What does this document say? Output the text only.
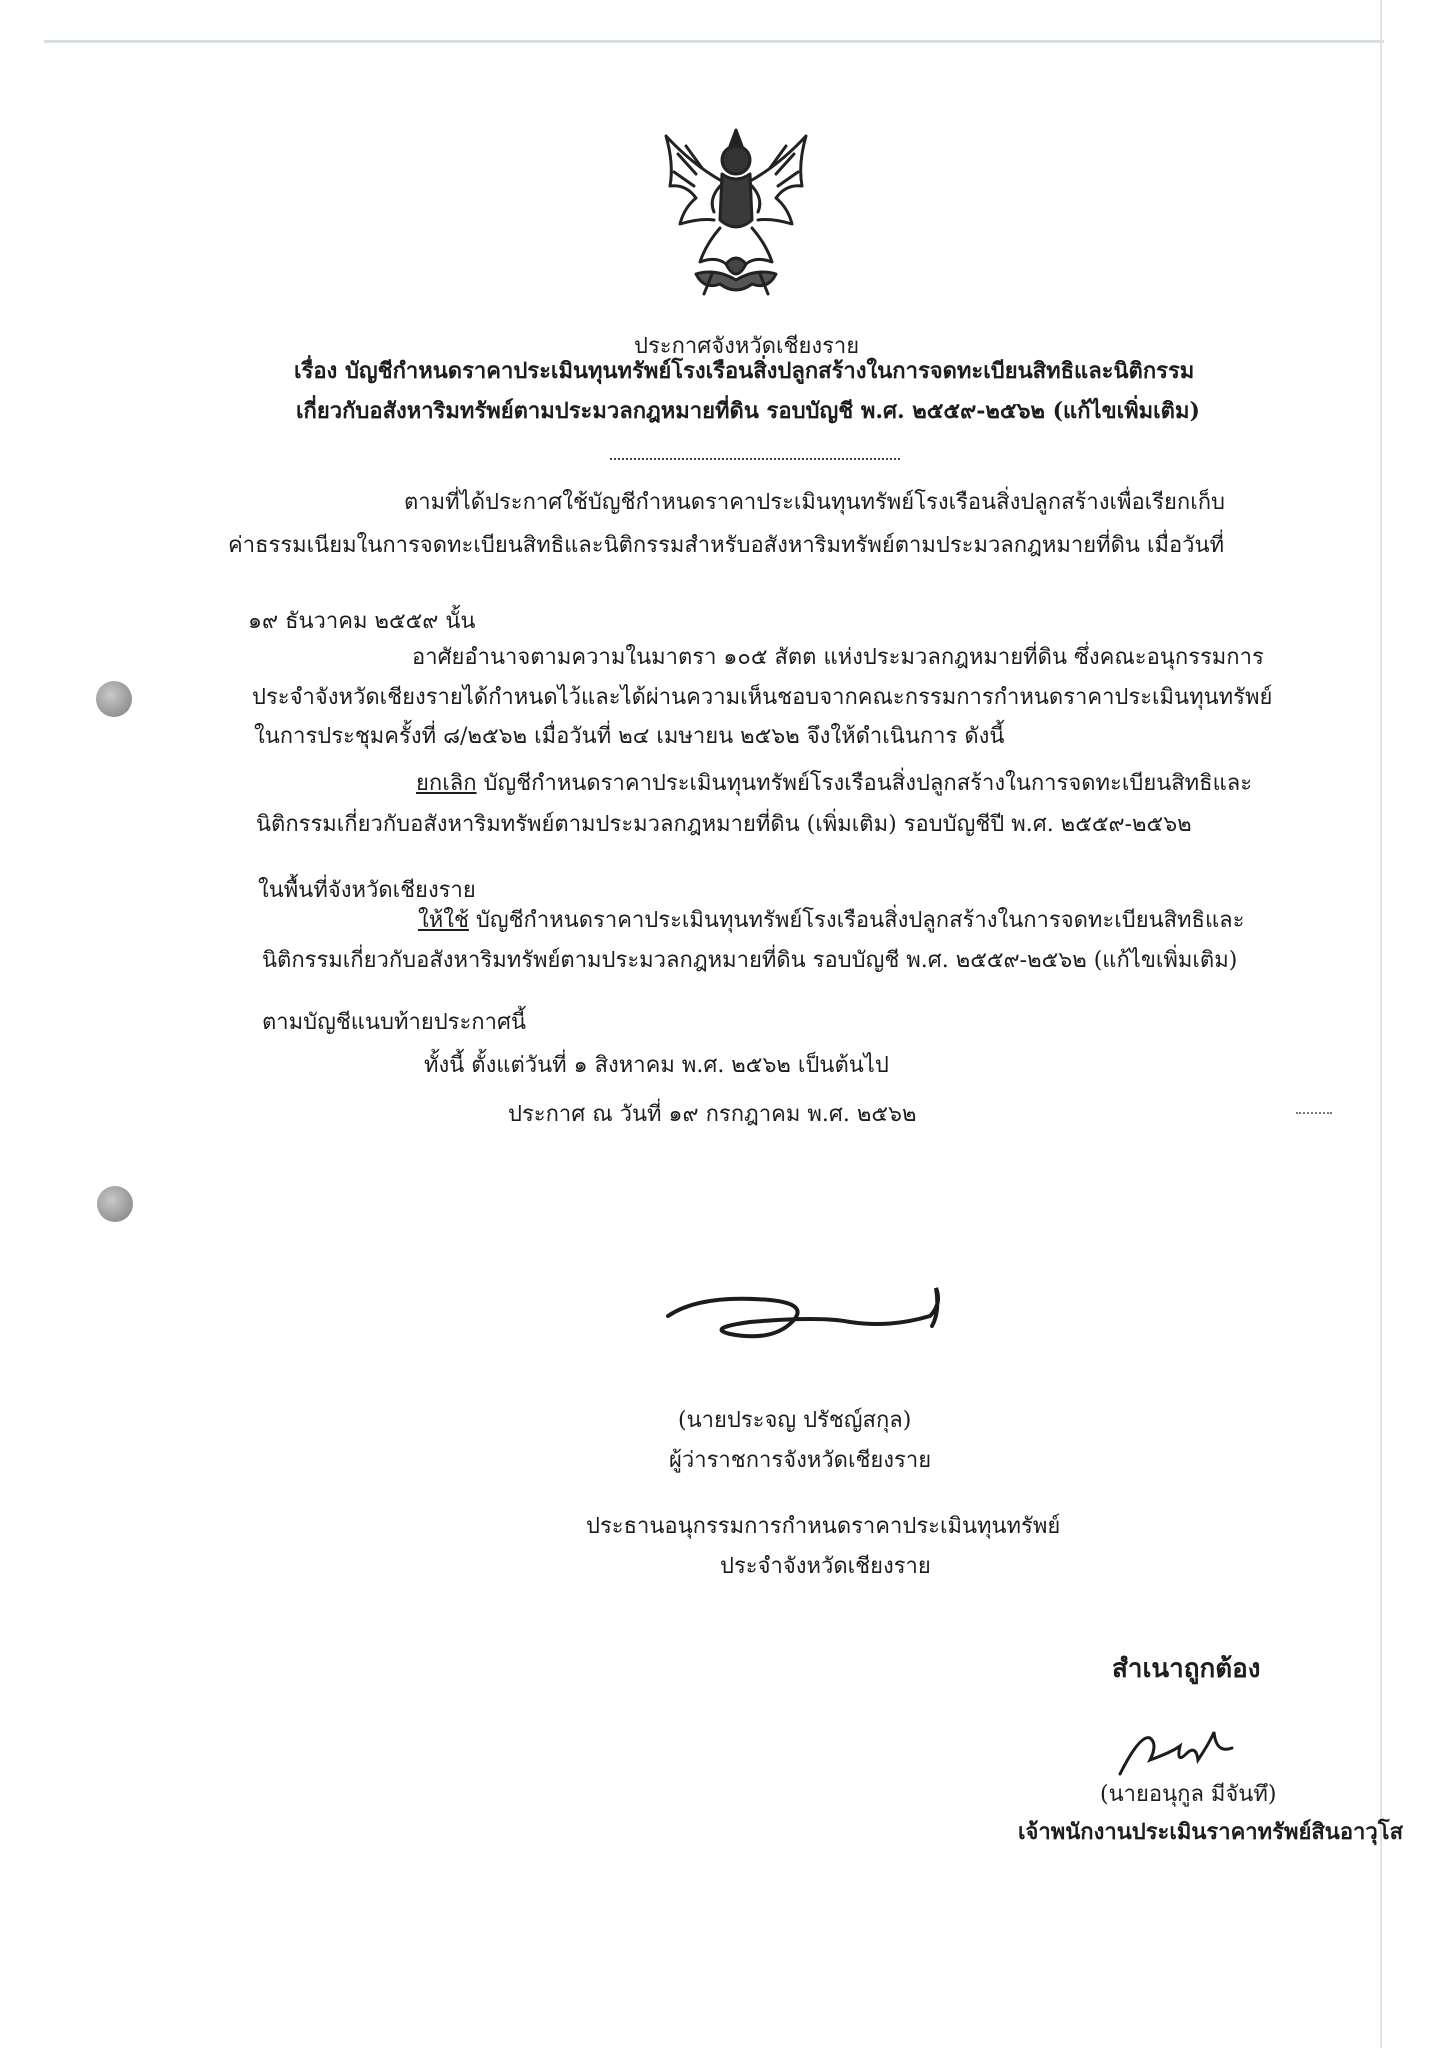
ประกาศจังหวัดเชียงราย
เรื่อง บัญชีกำหนดราคาประเมินทุนทรัพย์โรงเรือนสิ่งปลูกสร้างในการจดทะเบียนสิทธิและนิติกรรม
เกี่ยวกับอสังหาริมทรัพย์ตามประมวลกฎหมายที่ดิน รอบบัญชี พ.ศ. ๒๕๕๙-๒๕๖๒ (แก้ไขเพิ่มเติม)
ตามที่ได้ประกาศใช้บัญชีกำหนดราคาประเมินทุนทรัพย์โรงเรือนสิ่งปลูกสร้างเพื่อเรียกเก็บ
ค่าธรรมเนียมในการจดทะเบียนสิทธิและนิติกรรมสำหรับอสังหาริมทรัพย์ตามประมวลกฎหมายที่ดิน เมื่อวันที่
๑๙ ธันวาคม ๒๕๕๙ นั้น
อาศัยอำนาจตามความในมาตรา ๑๐๕ สัตต แห่งประมวลกฎหมายที่ดิน ซึ่งคณะอนุกรรมการ
ประจำจังหวัดเชียงรายได้กำหนดไว้และได้ผ่านความเห็นชอบจากคณะกรรมการกำหนดราคาประเมินทุนทรัพย์
ในการประชุมครั้งที่ ๘/๒๕๖๒ เมื่อวันที่ ๒๔ เมษายน ๒๕๖๒ จึงให้ดำเนินการ ดังนี้
ยกเลิก บัญชีกำหนดราคาประเมินทุนทรัพย์โรงเรือนสิ่งปลูกสร้างในการจดทะเบียนสิทธิและ
นิติกรรมเกี่ยวกับอสังหาริมทรัพย์ตามประมวลกฎหมายที่ดิน (เพิ่มเติม) รอบบัญชีปี พ.ศ. ๒๕๕๙-๒๕๖๒
ในพื้นที่จังหวัดเชียงราย
ให้ใช้ บัญชีกำหนดราคาประเมินทุนทรัพย์โรงเรือนสิ่งปลูกสร้างในการจดทะเบียนสิทธิและ
นิติกรรมเกี่ยวกับอสังหาริมทรัพย์ตามประมวลกฎหมายที่ดิน รอบบัญชี พ.ศ. ๒๕๕๙-๒๕๖๒ (แก้ไขเพิ่มเติม)
ตามบัญชีแนบท้ายประกาศนี้
ทั้งนี้ ตั้งแต่วันที่ ๑ สิงหาคม พ.ศ. ๒๕๖๒ เป็นต้นไป
ประกาศ ณ วันที่ ๑๙ กรกฎาคม พ.ศ. ๒๕๖๒
(นายประจญ ปรัชญ์สกุล)
ผู้ว่าราชการจังหวัดเชียงราย
ประธานอนุกรรมการกำหนดราคาประเมินทุนทรัพย์
ประจำจังหวัดเชียงราย
สำเนาถูกต้อง
(นายอนุกูล มีจันทึ)
เจ้าพนักงานประเมินราคาทรัพย์สินอาวุโส
